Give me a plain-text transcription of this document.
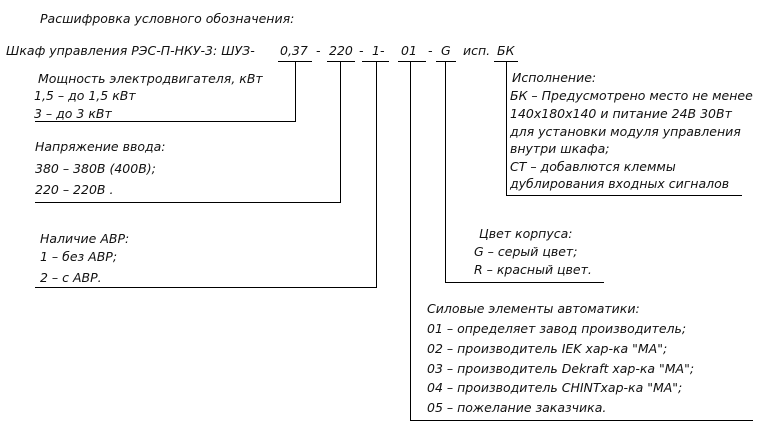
Расшифровка условного обозначения:
Шкаф управления РЭС-П-НКУ-3: ШУЗ- 0,37 - 220 - 1- 01 - G исп. БК
Мощность электродвигателя, кВт
1,5 – до 1,5 кВт
3 – до 3 кВт
Напряжение ввода:
380 – 380В (400В);
220 – 220В .
Наличие АВР:
1 – без АВР;
2 – с АВР.
Исполнение:
БК – Предусмотрено место не менее
140х180х140 и питание 24В 30Вт
для установки модуля управления
внутри шкафа;
СТ – добавлются клеммы
дублирования входных сигналов
Цвет корпуса:
G – серый цвет;
R – красный цвет.
Силовые элементы автоматики:
01 – определяет завод производитель;
02 – производитель IEK хар-ка "МА";
03 – производитель Dekraft хар-ка "МА";
04 – производитель CHINTхар-ка "МА";
05 – пожелание заказчика.
